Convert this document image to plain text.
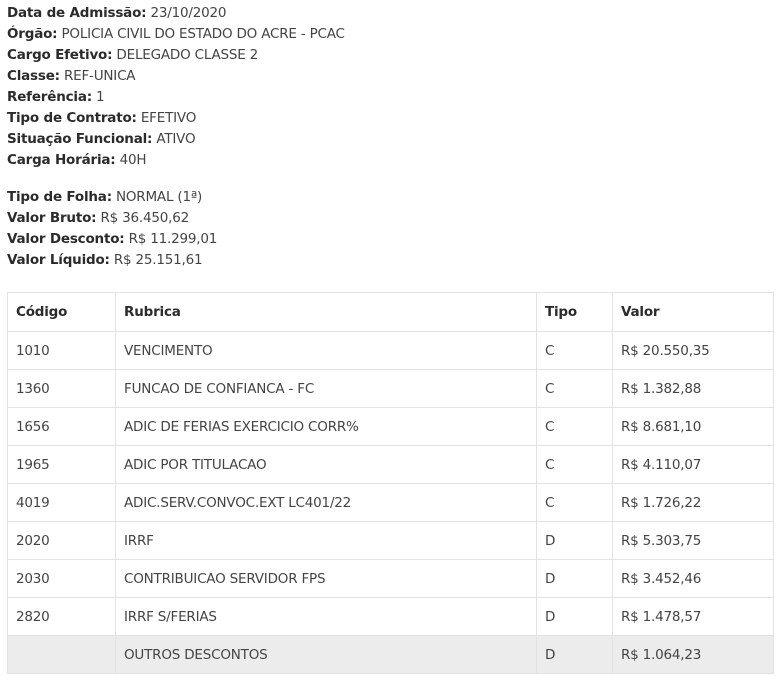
Data de Admissão: 23/10/2020
Órgão: POLICIA CIVIL DO ESTADO DO ACRE - PCAC
Cargo Efetivo: DELEGADO CLASSE 2
Classe: REF-UNICA
Referência: 1
Tipo de Contrato: EFETIVO
Situação Funcional: ATIVO
Carga Horária: 40H
Tipo de Folha: NORMAL (1ª)
Valor Bruto: R$ 36.450,62
Valor Desconto: R$ 11.299,01
Valor Líquido: R$ 25.151,61
Código	Rubrica	Tipo	Valor
1010	VENCIMENTO	C	R$ 20.550,35
1360	FUNCAO DE CONFIANCA - FC	C	R$ 1.382,88
1656	ADIC DE FERIAS EXERCICIO CORR%	C	R$ 8.681,10
1965	ADIC POR TITULACAO	C	R$ 4.110,07
4019	ADIC.SERV.CONVOC.EXT LC401/22	C	R$ 1.726,22
2020	IRRF	D	R$ 5.303,75
2030	CONTRIBUICAO SERVIDOR FPS	D	R$ 3.452,46
2820	IRRF S/FERIAS	D	R$ 1.478,57
	OUTROS DESCONTOS	D	R$ 1.064,23
